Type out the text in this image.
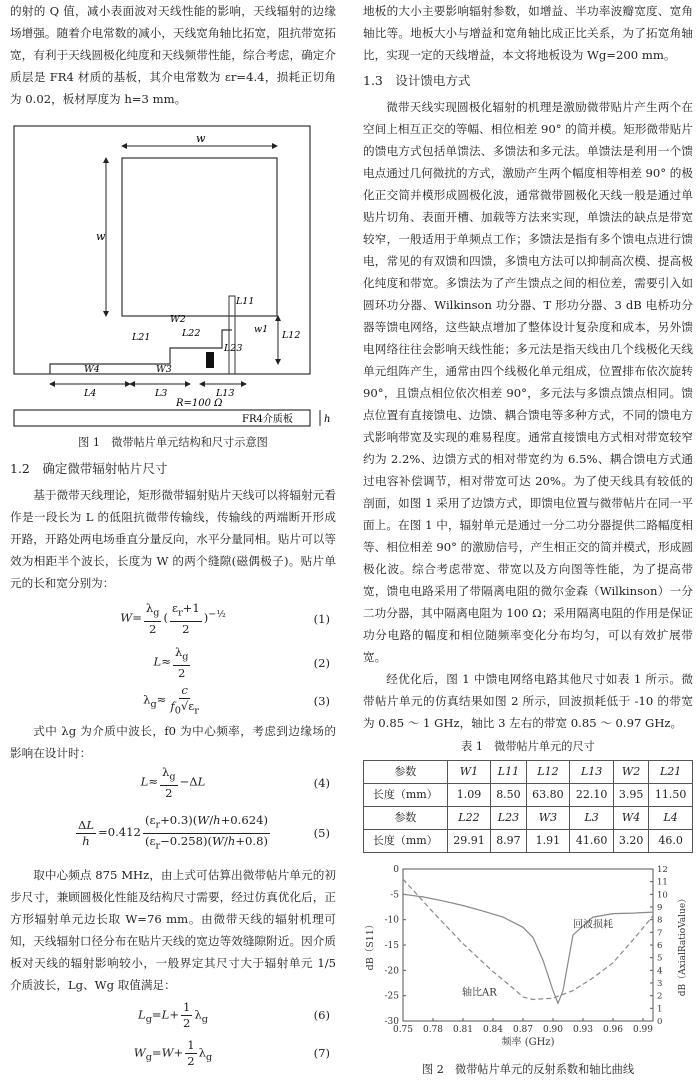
的射的 Q 值，减小表面波对天线性能的影响，天线辐射的边缘场增强。随着介电常数的减小，天线宽角轴比拓宽，阻抗带宽拓宽，有利于天线圆极化纯度和天线频带性能，综合考虑，确定介质层是 FR4 材质的基板，其介电常数为 εr=4.4，损耗正切角为 0.02，板材厚度为 h=3 mm。

w
w
L11
L12
w1
W2
L21	L22
L23
W4	W3
L4	L3	L13
R=100 Ω
FR4介质板	h
图 1　微带帖片单元结构和尺寸示意图
1.2　确定微带辐射帖片尺寸

基于微带天线理论，矩形微带辐射贴片天线可以将辐射元看作是一段长为 L 的低阻抗微带传输线，传输线的两端断开形成开路，开路处两电场垂直分量反向，水平分量同相。贴片可以等效为相距半个波长，长度为 W 的两个缝隙(磁偶极子)。贴片单元的长和宽分别为：

$W= \frac{\lambda_g}{2}$ ( $\frac{\varepsilon_r+1}{2} )^{-\frac{1}{2}}$	(1)
$L\approx \frac{\lambda_g}{2}$	(2)
$\lambda_g\approx \frac{c}{f_0√\varepsilon_r}$	(3)

式中 λg 为介质中波长，f0 为中心频率，考虑到边缘场的影响在设计时：

$L\approx \frac{\lambda_g}{2} -\Delta L$	(4)
$\frac{\Delta L}{h} =0.412 \frac{(\varepsilon_r+0.3)(W/h+0.624)}{(\varepsilon_r-0.258)(W/h+0.8)}$	(5)

取中心频点 875 MHz，由上式可估算出微带帖片单元的初步尺寸，兼顾圆极化性能及结构尺寸需要，经过仿真优化后，正方形辐射单元边长取 W=76 mm。由微带天线的辐射机理可知，天线辐射口径分布在贴片天线的宽边等效缝隙附近。因介质板对天线的辐射影响较小，一般界定其尺寸大于辐射单元 1/5 介质波长，Lg、Wg 取值满足：

$L_g=L+ \frac{1}{2} \lambda_g$	(6)
$W_g=W+ \frac{1}{2} \lambda_g$	(7)

地板的大小主要影响辐射参数，如增益、半功率波瓣宽度、宽角轴比等。地板大小与增益和宽角轴比成正比关系，为了拓宽角轴比，实现一定的天线增益，本文将地板设为 Wg=200 mm。

1.3　设计馈电方式

微带天线实现圆极化辐射的机理是激励微带贴片产生两个在空间上相互正交的等幅、相位相差 90° 的简并模。矩形微带贴片的馈电方式包括单馈法、多馈法和多元法。单馈法是利用一个馈电点通过几何微扰的方式，激励产生两个幅度相等相差 90° 的极化正交简并模形成圆极化波，通常微带圆极化天线一般是通过单贴片切角、表面开槽、加载等方法来实现，单馈法的缺点是带宽较窄，一般适用于单频点工作；多馈法是指有多个馈电点进行馈电，常见的有双馈和四馈，多馈电方法可以抑制高次模、提高极化纯度和带宽。多馈法为了产生馈点之间的相位差，需要引入如圆环功分器、Wilkinson 功分器、T 形功分器、3 dB 电桥功分器等馈电网络，这些缺点增加了整体设计复杂度和成本，另外馈电网络往往会影响天线性能；多元法是指天线由几个线极化天线单元组阵产生，通常由四个线极化单元组成，位置排布依次旋转 90°，且馈点相位依次相差 90°，多元法与多馈点馈点相同。馈点位置有直接馈电、边馈、耦合馈电等多种方式，不同的馈电方式影响带宽及实现的难易程度。通常直接馈电方式相对带宽较窄约为 2.2%、边馈方式的相对带宽约为 6.5%、耦合馈电方式通过电容补偿调节，相对带宽可达 20%。为了使天线具有较低的剖面，如图 1 采用了边馈方式，即馈电位置与微带帖片在同一平面上。在图 1 中，辐射单元是通过一分二功分器提供二路幅度相等、相位相差 90° 的激励信号，产生相正交的简并模式，形成圆极化波。综合考虑带宽、带宽以及方向图等性能，为了提高带宽，馈电电路采用了带隔离电阻的微尔金森（Wilkinson）一分二功分器，其中隔离电阻为 100 Ω；采用隔离电阻的作用是保证功分电路的幅度和相位随频率变化分布均匀，可以有效扩展带宽。

经优化后，图 1 中馈电网络电路其他尺寸如表 1 所示。微带帖片单元的仿真结果如图 2 所示，回波损耗低于 -10 的带宽为 0.85 ～ 1 GHz，轴比 3 左右的带宽 0.85 ～ 0.97 GHz。

表 1　微带帖片单元的尺寸
参数	W1	L11	L12	L13	W2	L21
长度（mm）	1.09	8.50	63.80	22.10	3.95	11.50
参数	L22	L23	W3	L3	W4	L4
长度（mm）	29.91	8.97	1.91	41.60	3.20	46.0
0.75 0.78 0.81 0.84 0.87 0.90 0.93 0.96 0.99
0
-5
-10
-15
-20
-25
-30	0
1
2
3
4
5
6
7
8
9
10
11
12
频率 (GHz)
dB（S11）	dB（AxialRatioValue）
回波损耗
轴比AR
图 2　微带帖片单元的反射系数和轴比曲线
